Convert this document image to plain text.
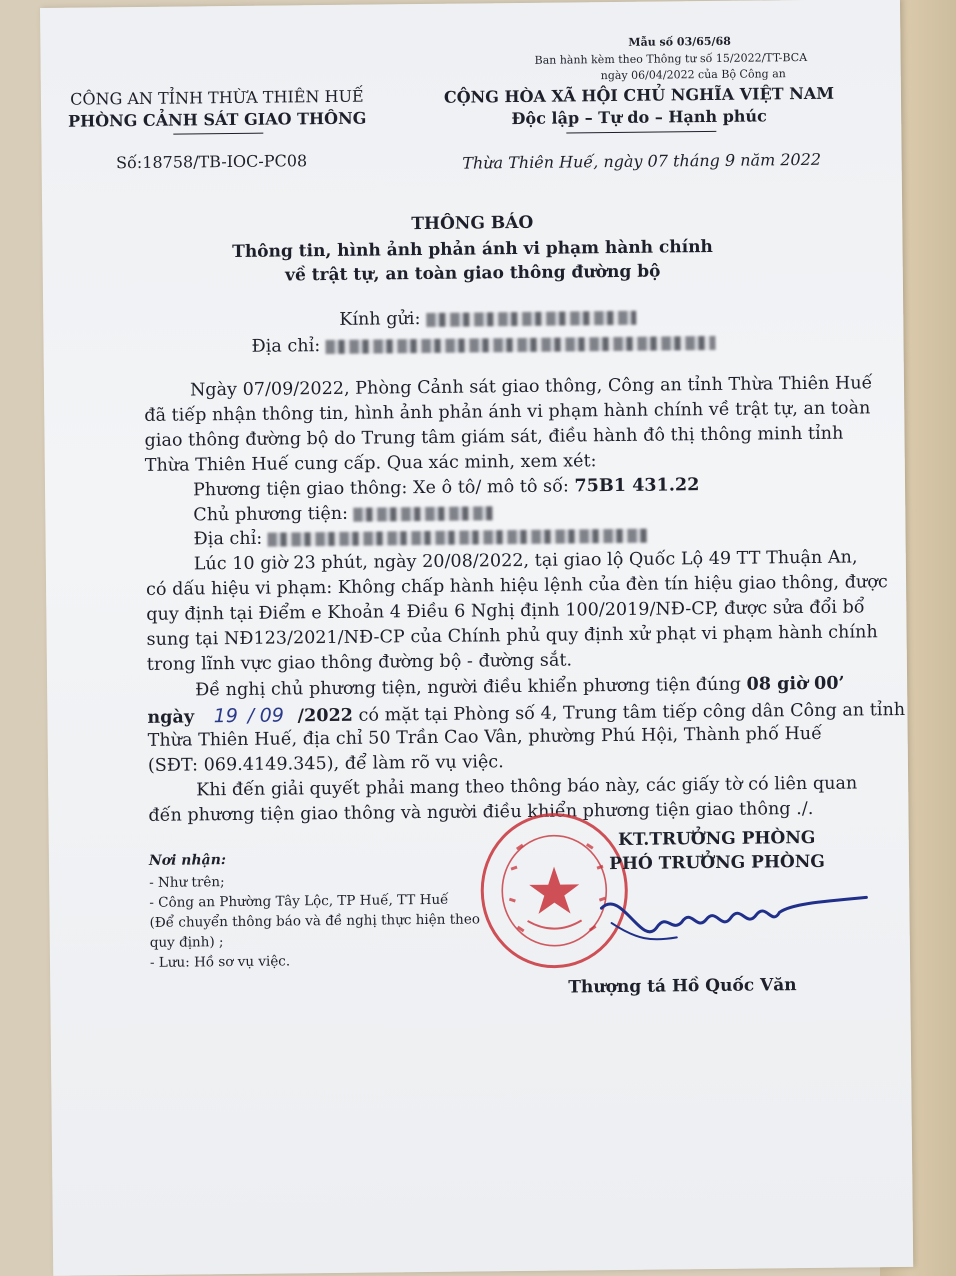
Mẫu số 03/65/68
Ban hành kèm theo Thông tư số 15/2022/TT-BCA
ngày 06/04/2022 của Bộ Công an
CÔNG AN TỈNH THỪA THIÊN HUẾ
PHÒNG CẢNH SÁT GIAO THÔNG
CỘNG HÒA XÃ HỘI CHỦ NGHĨA VIỆT NAM
Độc lập – Tự do – Hạnh phúc
Số:18758/TB-IOC-PC08	Thừa Thiên Huế, ngày 07 tháng 9 năm 2022
THÔNG BÁO
Thông tin, hình ảnh phản ánh vi phạm hành chính
về trật tự, an toàn giao thông đường bộ
Kính gửi:
Địa chỉ:
Ngày 07/09/2022, Phòng Cảnh sát giao thông, Công an tỉnh Thừa Thiên Huế
đã tiếp nhận thông tin, hình ảnh phản ánh vi phạm hành chính về trật tự, an toàn
giao thông đường bộ do Trung tâm giám sát, điều hành đô thị thông minh tỉnh
Thừa Thiên Huế cung cấp. Qua xác minh, xem xét:
Phương tiện giao thông: Xe ô tô/ mô tô số: 75B1 431.22
Chủ phương tiện:
Địa chỉ:
Lúc 10 giờ 23 phút, ngày 20/08/2022, tại giao lộ Quốc Lộ 49 TT Thuận An,
có dấu hiệu vi phạm: Không chấp hành hiệu lệnh của đèn tín hiệu giao thông, được
quy định tại Điểm e Khoản 4 Điều 6 Nghị định 100/2019/NĐ-CP, được sửa đổi bổ
sung tại NĐ123/2021/NĐ-CP của Chính phủ quy định xử phạt vi phạm hành chính
trong lĩnh vực giao thông đường bộ - đường sắt.
Đề nghị chủ phương tiện, người điều khiển phương tiện đúng 08 giờ 00’
ngày 19 / 09 /2022 có mặt tại Phòng số 4, Trung tâm tiếp công dân Công an tỉnh
Thừa Thiên Huế, địa chỉ 50 Trần Cao Vân, phường Phú Hội, Thành phố Huế
(SĐT: 069.4149.345), để làm rõ vụ việc.
Khi đến giải quyết phải mang theo thông báo này, các giấy tờ có liên quan
đến phương tiện giao thông và người điều khiển phương tiện giao thông ./.
Nơi nhận:
- Như trên;
- Công an Phường Tây Lộc, TP Huế, TT Huế
(Để chuyển thông báo và đề nghị thực hiện theo
quy định) ;
- Lưu: Hồ sơ vụ việc.
KT.TRƯỞNG PHÒNG
PHÓ TRƯỞNG PHÒNG
Thượng tá Hồ Quốc Văn
